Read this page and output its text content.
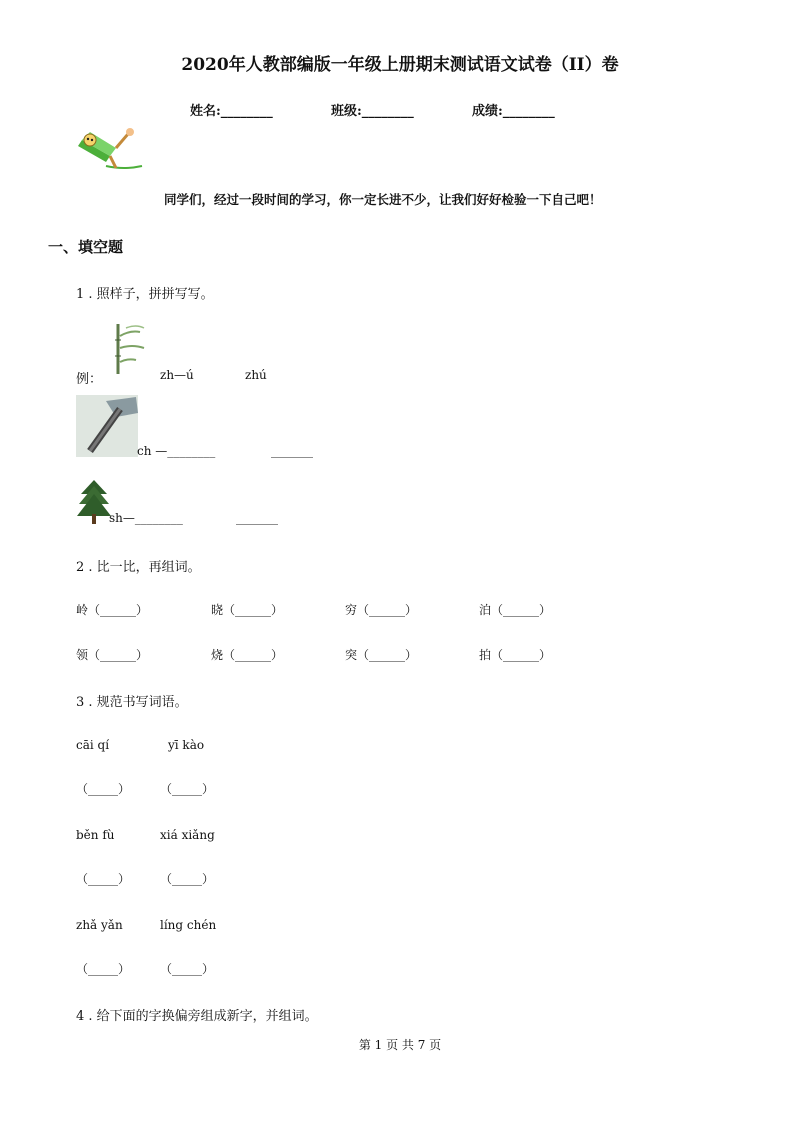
2020年人教部编版一年级上册期末测试语文试卷（II）卷
姓名:________	班级:________	成绩:________
同学们，经过一段时间的学习，你一定长进不少，让我们好好检验一下自己吧！
一、填空题
1 . 照样子，拼拼写写。
例：	zh—ú	zhú
ch —________	_______
sh—________	_______
2 . 比一比，再组词。
岭（______）	晓（______）	穷（______）	泊（______）
领（______）	烧（______）	突（______）	拍（______）
3 . 规范书写词语。
cāi qí	yī kào
（_____） （_____）
běn fù	xiá xiǎng
（_____） （_____）
zhǎ yǎn	líng chén
（_____） （_____）
4 . 给下面的字换偏旁组成新字，并组词。
第 1 页 共 7 页
